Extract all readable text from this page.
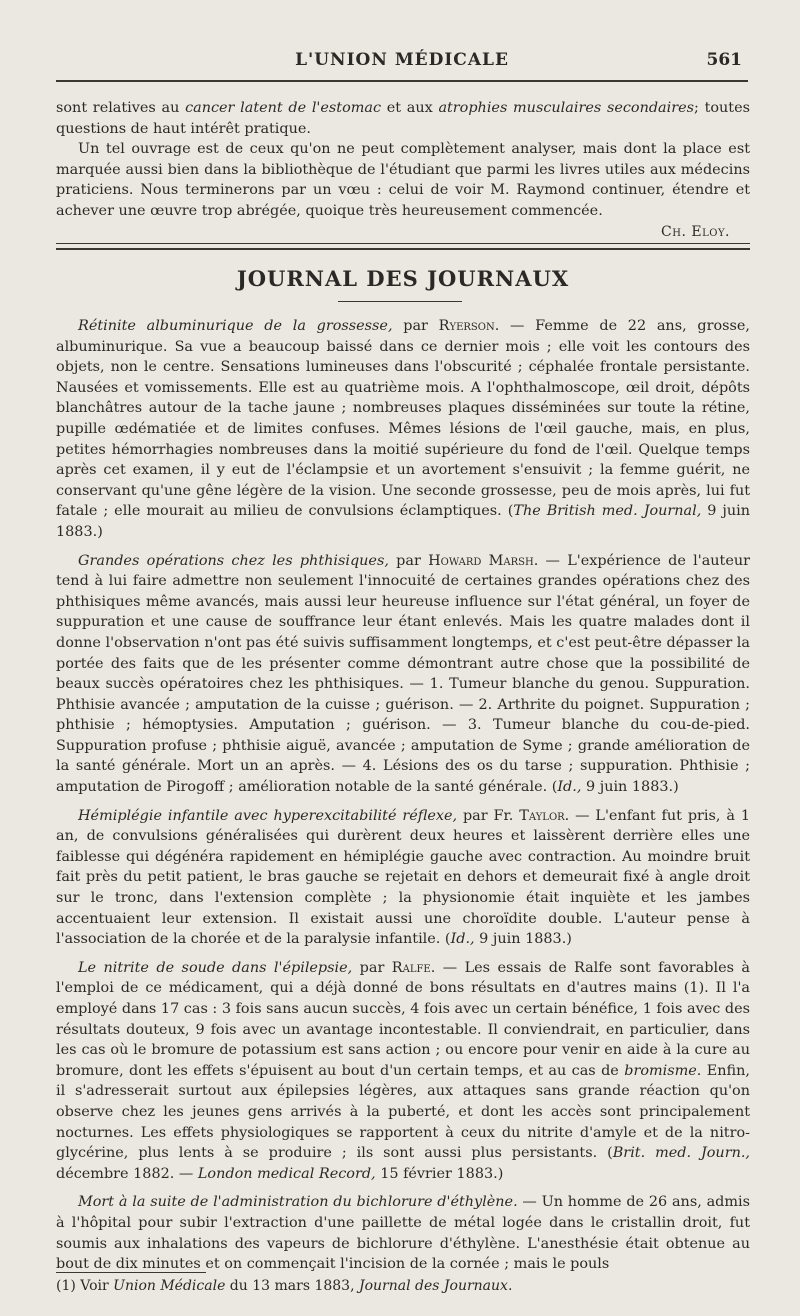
L'UNION MÉDICALE	561

sont relatives au cancer latent de l'estomac et aux atrophies musculaires secondaires; toutes questions de haut intérêt pratique.

Un tel ouvrage est de ceux qu'on ne peut complètement analyser, mais dont la place est marquée aussi bien dans la bibliothèque de l'étudiant que parmi les livres utiles aux médecins praticiens. Nous terminerons par un vœu : celui de voir M. Raymond continuer, étendre et achever une œuvre trop abrégée, quoique très heureusement commencée.

Ch. Eloy.

JOURNAL DES JOURNAUX

Rétinite albuminurique de la grossesse, par Ryerson. — Femme de 22 ans, grosse, albuminurique. Sa vue a beaucoup baissé dans ce dernier mois ; elle voit les contours des objets, non le centre. Sensations lumineuses dans l'obscurité ; céphalée frontale persistante. Nausées et vomissements. Elle est au quatrième mois. A l'ophthalmoscope, œil droit, dépôts blanchâtres autour de la tache jaune ; nombreuses plaques disséminées sur toute la rétine, pupille œdématiée et de limites confuses. Mêmes lésions de l'œil gauche, mais, en plus, petites hémorrhagies nombreuses dans la moitié supérieure du fond de l'œil. Quelque temps après cet examen, il y eut de l'éclampsie et un avortement s'ensuivit ; la femme guérit, ne conservant qu'une gêne légère de la vision. Une seconde grossesse, peu de mois après, lui fut fatale ; elle mourait au milieu de convulsions éclamptiques. (The British med. Journal, 9 juin 1883.)

Grandes opérations chez les phthisiques, par Howard Marsh. — L'expérience de l'auteur tend à lui faire admettre non seulement l'innocuité de certaines grandes opérations chez des phthisiques même avancés, mais aussi leur heureuse influence sur l'état général, un foyer de suppuration et une cause de souffrance leur étant enlevés. Mais les quatre malades dont il donne l'observation n'ont pas été suivis suffisamment longtemps, et c'est peut-être dépasser la portée des faits que de les présenter comme démontrant autre chose que la possibilité de beaux succès opératoires chez les phthisiques. — 1. Tumeur blanche du genou. Suppuration. Phthisie avancée ; amputation de la cuisse ; guérison. — 2. Arthrite du poignet. Suppuration ; phthisie ; hémoptysies. Amputation ; guérison. — 3. Tumeur blanche du cou-de-pied. Suppuration profuse ; phthisie aiguë, avancée ; amputation de Syme ; grande amélioration de la santé générale. Mort un an après. — 4. Lésions des os du tarse ; suppuration. Phthisie ; amputation de Pirogoff ; amélioration notable de la santé générale. (Id., 9 juin 1883.)

Hémiplégie infantile avec hyperexcitabilité réflexe, par Fr. Taylor. — L'enfant fut pris, à 1 an, de convulsions généralisées qui durèrent deux heures et laissèrent derrière elles une faiblesse qui dégénéra rapidement en hémiplégie gauche avec contraction. Au moindre bruit fait près du petit patient, le bras gauche se rejetait en dehors et demeurait fixé à angle droit sur le tronc, dans l'extension complète ; la physionomie était inquiète et les jambes accentuaient leur extension. Il existait aussi une choroïdite double. L'auteur pense à l'association de la chorée et de la paralysie infantile. (Id., 9 juin 1883.)

Le nitrite de soude dans l'épilepsie, par Ralfe. — Les essais de Ralfe sont favorables à l'emploi de ce médicament, qui a déjà donné de bons résultats en d'autres mains (1). Il l'a employé dans 17 cas : 3 fois sans aucun succès, 4 fois avec un certain bénéfice, 1 fois avec des résultats douteux, 9 fois avec un avantage incontestable. Il conviendrait, en particulier, dans les cas où le bromure de potassium est sans action ; ou encore pour venir en aide à la cure au bromure, dont les effets s'épuisent au bout d'un certain temps, et au cas de bromisme. Enfin, il s'adresserait surtout aux épilepsies légères, aux attaques sans grande réaction qu'on observe chez les jeunes gens arrivés à la puberté, et dont les accès sont principalement nocturnes. Les effets physiologiques se rapportent à ceux du nitrite d'amyle et de la nitro-glycérine, plus lents à se produire ; ils sont aussi plus persistants. (Brit. med. Journ., décembre 1882. — London medical Record, 15 février 1883.)

Mort à la suite de l'administration du bichlorure d'éthylène. — Un homme de 26 ans, admis à l'hôpital pour subir l'extraction d'une paillette de métal logée dans le cristallin droit, fut soumis aux inhalations des vapeurs de bichlorure d'éthylène. L'anesthésie était obtenue au bout de dix minutes et on commençait l'incision de la cornée ; mais le pouls

(1) Voir Union Médicale du 13 mars 1883, Journal des Journaux.
